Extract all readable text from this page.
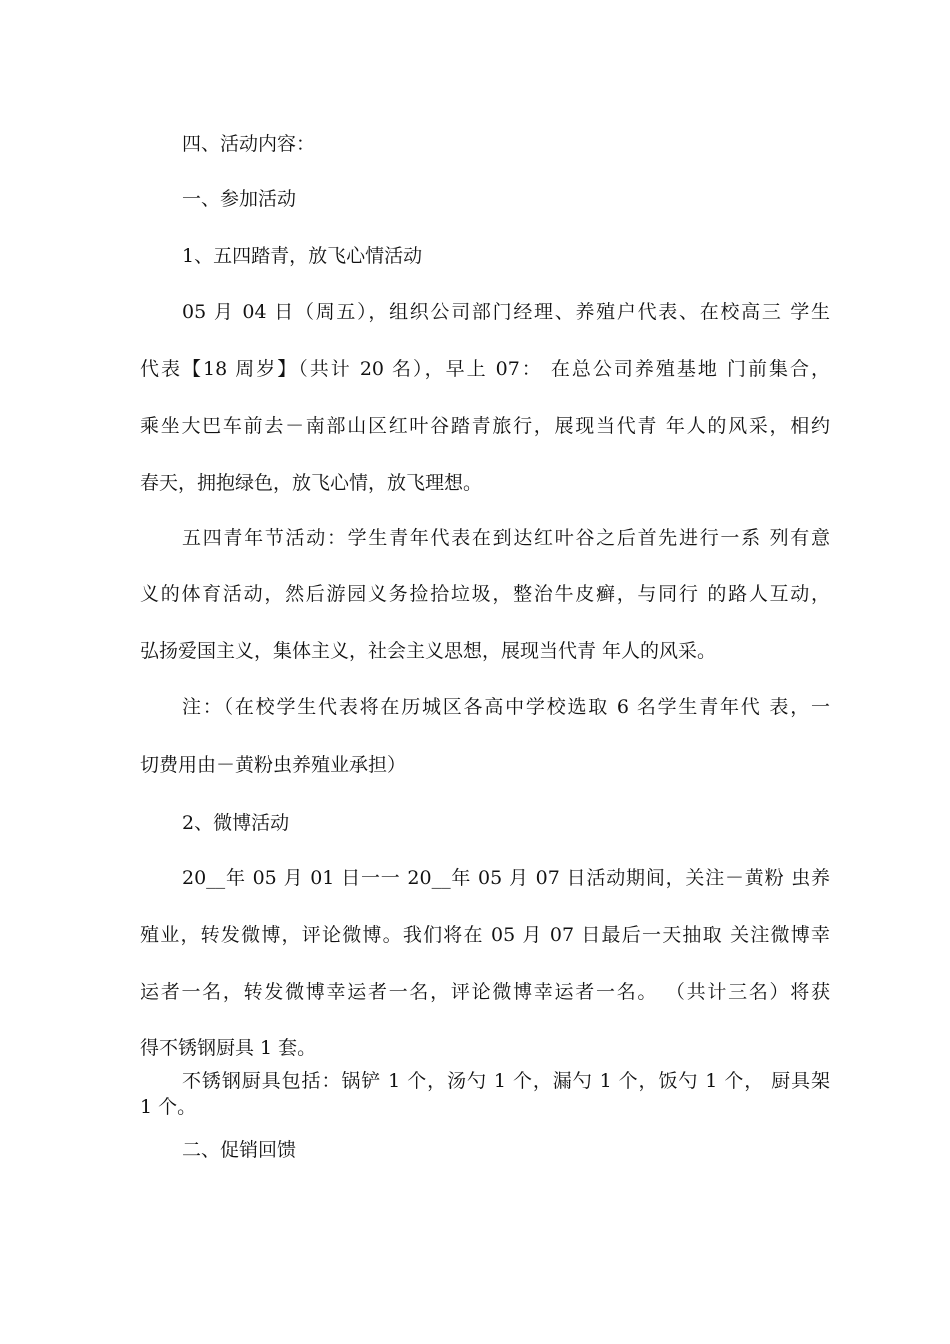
四、活动内容：
一、参加活动
1、五四踏青，放飞心情活动
05 月 04 日（周五），组织公司部门经理、养殖户代表、在校高三 学生
代表【18 周岁】（共计 20 名），早上 07： 在总公司养殖基地 门前集合，
乘坐大巴车前去－南部山区红叶谷踏青旅行，展现当代青 年人的风采，相约
春天，拥抱绿色，放飞心情，放飞理想。
五四青年节活动：学生青年代表在到达红叶谷之后首先进行一系 列有意
义的体育活动，然后游园义务捡拾垃圾，整治牛皮癣，与同行 的路人互动，
弘扬爱国主义，集体主义，社会主义思想，展现当代青 年人的风采。
注：（在校学生代表将在历城区各高中学校选取 6 名学生青年代 表，一
切费用由－黄粉虫养殖业承担）
2、微博活动
20__年 05 月 01 日一一 20__年 05 月 07 日活动期间，关注－黄粉 虫养
殖业，转发微博，评论微博。我们将在 05 月 07 日最后一天抽取 关注微博幸
运者一名，转发微博幸运者一名，评论微博幸运者一名。 （共计三名）将获
得不锈钢厨具 1 套。
不锈钢厨具包括：锅铲 1 个，汤勺 1 个，漏勺 1 个，饭勺 1 个， 厨具架
1 个。
二、促销回馈
